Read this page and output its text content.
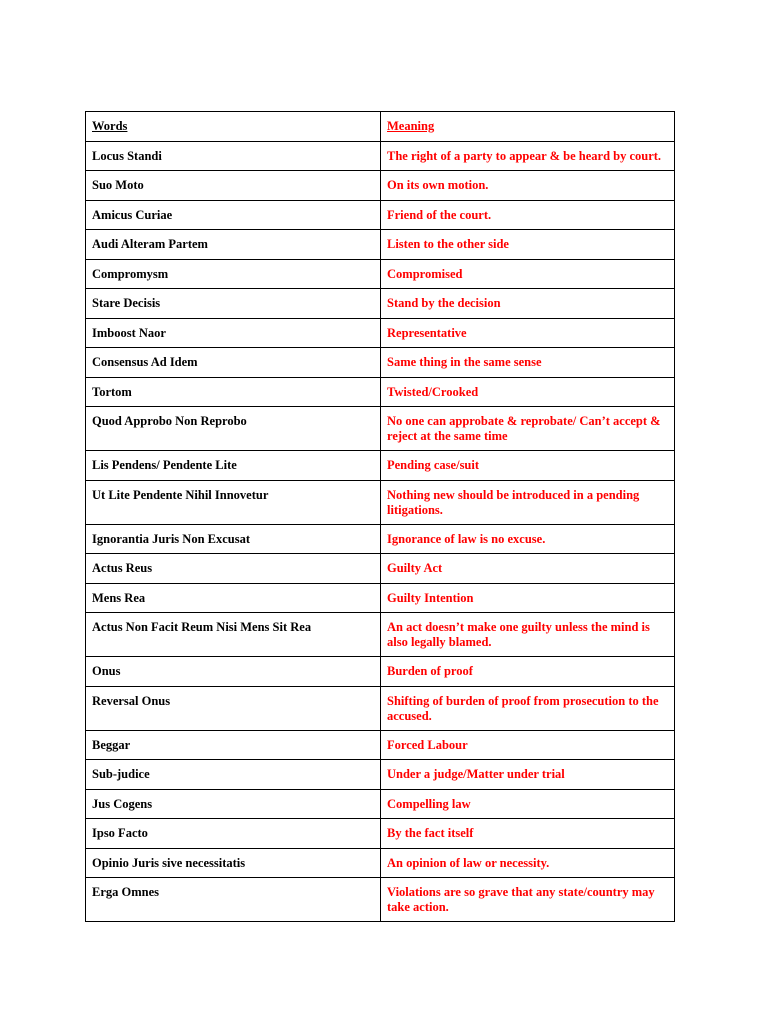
Words	Meaning
Locus Standi	The right of a party to appear & be heard by court.
Suo Moto	On its own motion.
Amicus Curiae	Friend of the court.
Audi Alteram Partem	Listen to the other side
Compromysm	Compromised
Stare Decisis	Stand by the decision
Imboost Naor	Representative
Consensus Ad Idem	Same thing in the same sense
Tortom	Twisted/Crooked
Quod Approbo Non Reprobo	No one can approbate & reprobate/ Can’t accept & reject at the same time
Lis Pendens/ Pendente Lite	Pending case/suit
Ut Lite Pendente Nihil Innovetur	Nothing new should be introduced in a pending litigations.
Ignorantia Juris Non Excusat	Ignorance of law is no excuse.
Actus Reus	Guilty Act
Mens Rea	Guilty Intention
Actus Non Facit Reum Nisi Mens Sit Rea	An act doesn’t make one guilty unless the mind is also legally blamed.
Onus	Burden of proof
Reversal Onus	Shifting of burden of proof from prosecution to the accused.
Beggar	Forced Labour
Sub-judice	Under a judge/Matter under trial
Jus Cogens	Compelling law
Ipso Facto	By the fact itself
Opinio Juris sive necessitatis	An opinion of law or necessity.
Erga Omnes	Violations are so grave that any state/country may take action.
